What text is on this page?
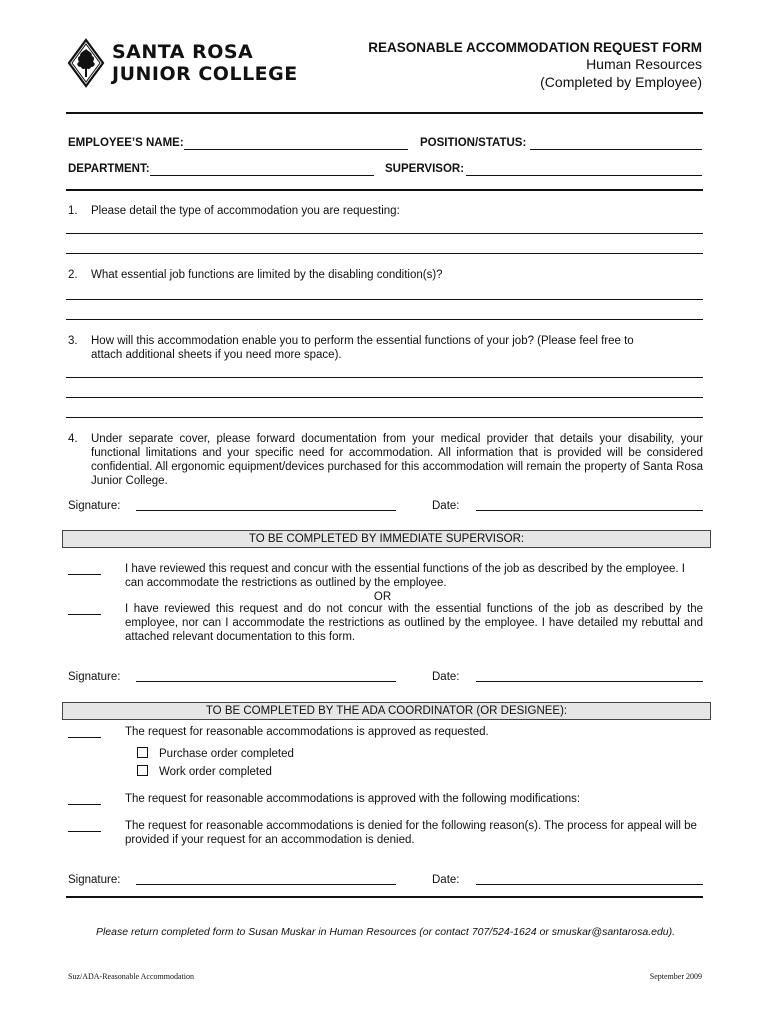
SANTA ROSA
JUNIOR COLLEGE
REASONABLE ACCOMMODATION REQUEST FORM
Human Resources
(Completed by Employee)
EMPLOYEE’S NAME:	POSITION/STATUS:
DEPARTMENT:	SUPERVISOR:
1. Please detail the type of accommodation you are requesting:
2. What essential job functions are limited by the disabling condition(s)?
3. How will this accommodation enable you to perform the essential functions of your job? (Please feel free to attach additional sheets if you need more space).
4. Under separate cover, please forward documentation from your medical provider that details your disability, your functional limitations and your specific need for accommodation. All information that is provided will be considered confidential. All ergonomic equipment/devices purchased for this accommodation will remain the property of Santa Rosa Junior College.
Signature:	Date:
TO BE COMPLETED BY IMMEDIATE SUPERVISOR:
I have reviewed this request and concur with the essential functions of the job as described by the employee. I can accommodate the restrictions as outlined by the employee.
OR
I have reviewed this request and do not concur with the essential functions of the job as described by the employee, nor can I accommodate the restrictions as outlined by the employee. I have detailed my rebuttal and attached relevant documentation to this form.
Signature:	Date:
TO BE COMPLETED BY THE ADA COORDINATOR (OR DESIGNEE):
The request for reasonable accommodations is approved as requested.
Purchase order completed
Work order completed
The request for reasonable accommodations is approved with the following modifications:
The request for reasonable accommodations is denied for the following reason(s). The process for appeal will be provided if your request for an accommodation is denied.
Signature:	Date:
Please return completed form to Susan Muskar in Human Resources (or contact 707/524-1624 or smuskar@santarosa.edu).
Suz/ADA-Reasonable Accommodation	September 2009
